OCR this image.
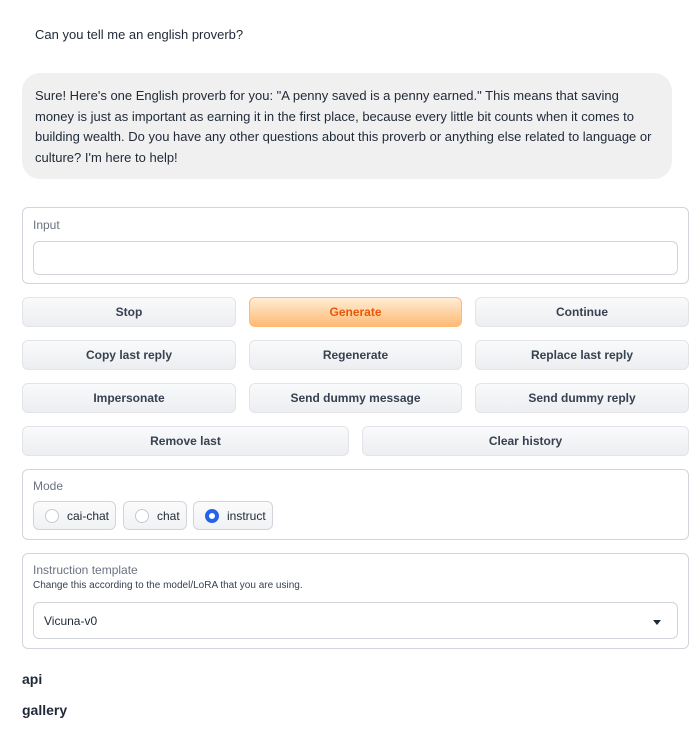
Can you tell me an english proverb?
Sure! Here's one English proverb for you: "A penny saved is a penny earned." This means that saving money is just as important as earning it in the first place, because every little bit counts when it comes to building wealth. Do you have any other questions about this proverb or anything else related to language or culture? I'm here to help!
Input
Stop	Generate	Continue
Copy last reply	Regenerate	Replace last reply
Impersonate	Send dummy message	Send dummy reply
Remove last	Clear history
Mode
cai-chat	chat	instruct
Instruction template
Change this according to the model/LoRA that you are using.
Vicuna-v0
api
gallery
